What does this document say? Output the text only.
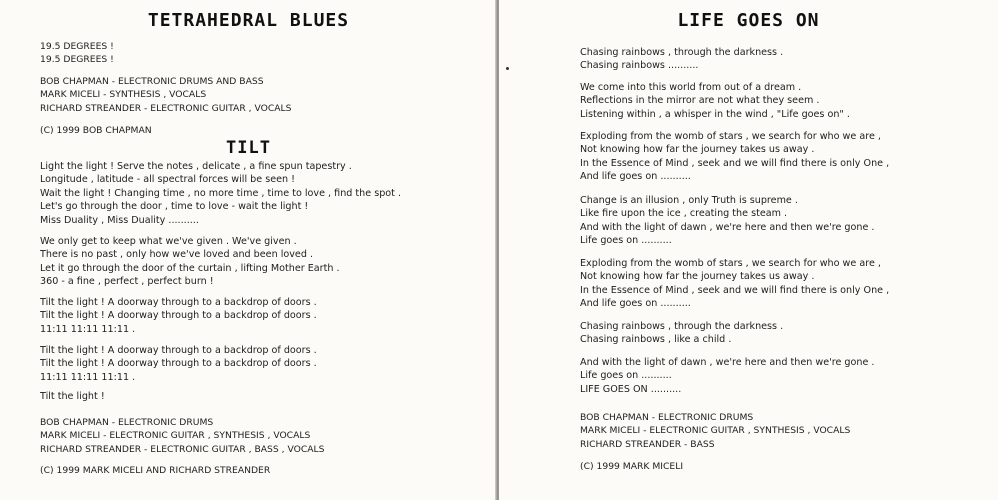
TETRAHEDRAL BLUES
19.5 DEGREES !
19.5 DEGREES !
BOB CHAPMAN - ELECTRONIC DRUMS AND BASS
MARK MICELI - SYNTHESIS , VOCALS
RICHARD STREANDER - ELECTRONIC GUITAR , VOCALS
(C) 1999 BOB CHAPMAN
TILT
Light the light ! Serve the notes , delicate , a fine spun tapestry .
Longitude , latitude - all spectral forces will be seen !
Wait the light ! Changing time , no more time , time to love , find the spot .
Let's go through the door , time to love - wait the light !
Miss Duality , Miss Duality ..........
We only get to keep what we've given . We've given .
There is no past , only how we've loved and been loved .
Let it go through the door of the curtain , lifting Mother Earth .
360 - a fine , perfect , perfect burn !
Tilt the light ! A doorway through to a backdrop of doors .
Tilt the light ! A doorway through to a backdrop of doors .
11:11 11:11 11:11 .
Tilt the light ! A doorway through to a backdrop of doors .
Tilt the light ! A doorway through to a backdrop of doors .
11:11 11:11 11:11 .
Tilt the light !
BOB CHAPMAN - ELECTRONIC DRUMS
MARK MICELI - ELECTRONIC GUITAR , SYNTHESIS , VOCALS
RICHARD STREANDER - ELECTRONIC GUITAR , BASS , VOCALS
(C) 1999 MARK MICELI AND RICHARD STREANDER
LIFE GOES ON
Chasing rainbows , through the darkness .
Chasing rainbows ..........
We come into this world from out of a dream .
Reflections in the mirror are not what they seem .
Listening within , a whisper in the wind , "Life goes on" .
Exploding from the womb of stars , we search for who we are ,
Not knowing how far the journey takes us away .
In the Essence of Mind , seek and we will find there is only One ,
And life goes on ..........
Change is an illusion , only Truth is supreme .
Like fire upon the ice , creating the steam .
And with the light of dawn , we're here and then we're gone .
Life goes on ..........
Exploding from the womb of stars , we search for who we are ,
Not knowing how far the journey takes us away .
In the Essence of Mind , seek and we will find there is only One ,
And life goes on ..........
Chasing rainbows , through the darkness .
Chasing rainbows , like a child .
And with the light of dawn , we're here and then we're gone .
Life goes on ..........
LIFE GOES ON ..........
BOB CHAPMAN - ELECTRONIC DRUMS
MARK MICELI - ELECTRONIC GUITAR , SYNTHESIS , VOCALS
RICHARD STREANDER - BASS
(C) 1999 MARK MICELI
